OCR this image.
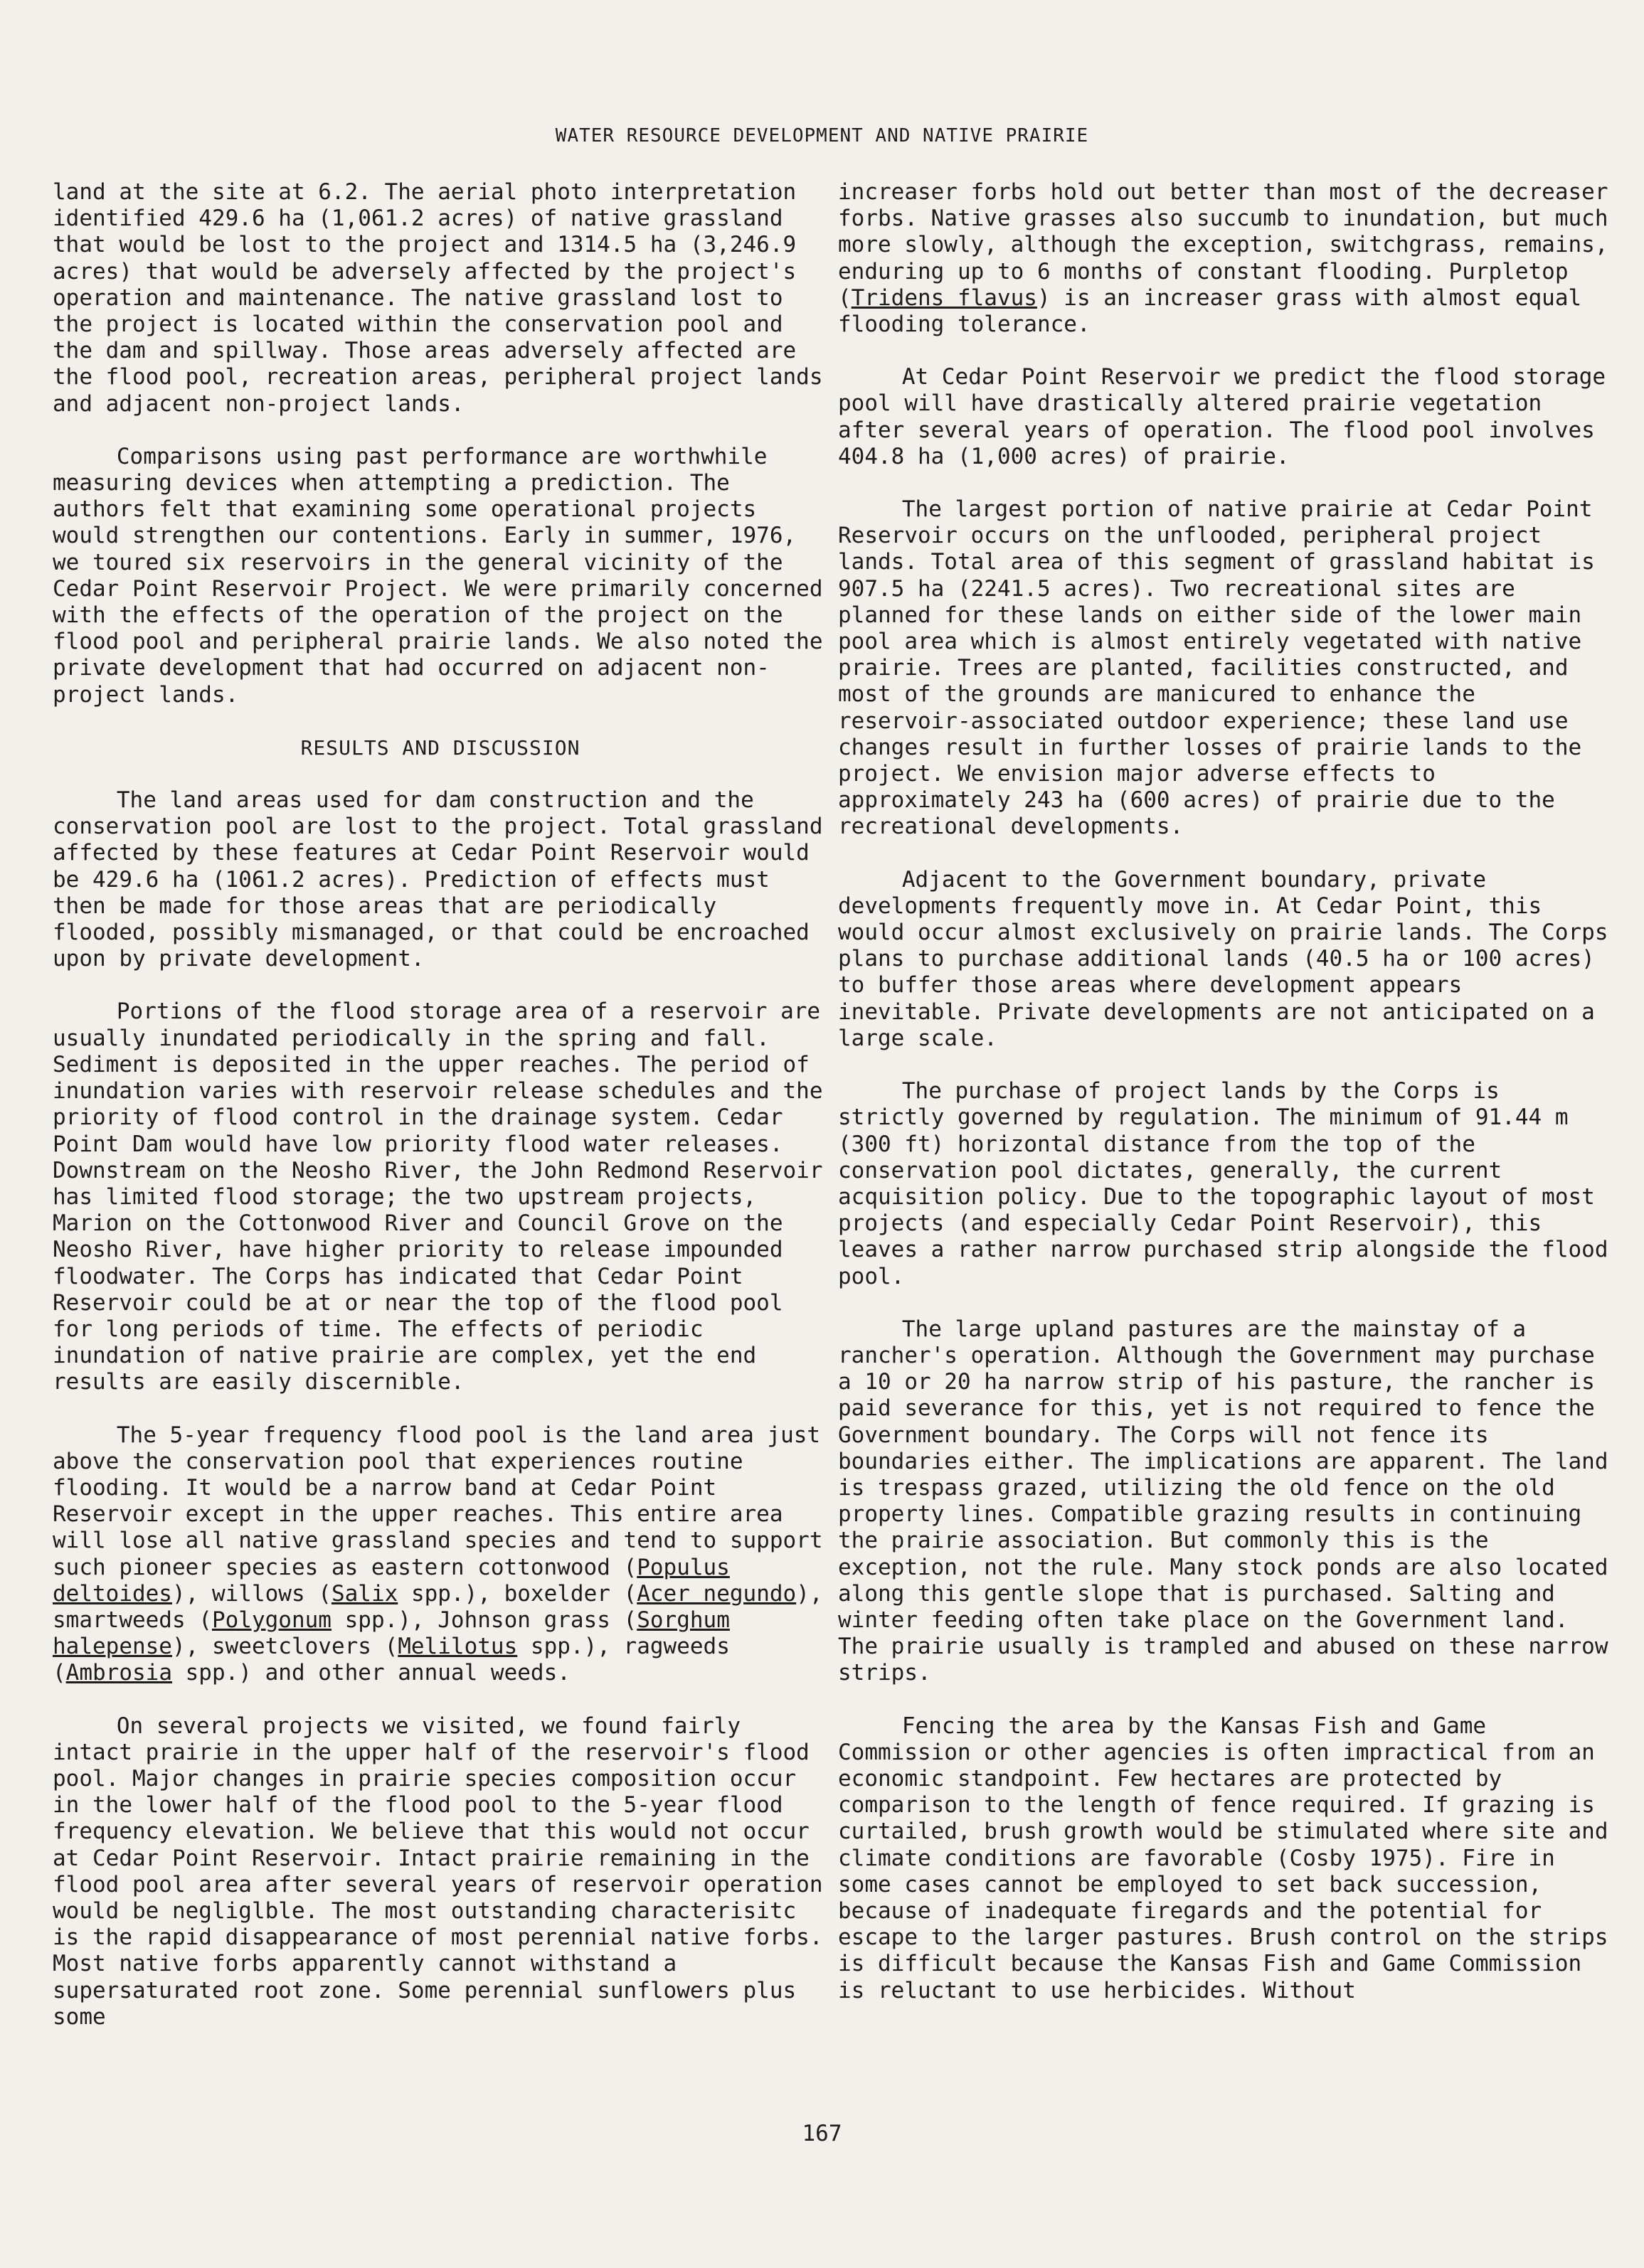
WATER RESOURCE DEVELOPMENT AND NATIVE PRAIRIE

land at the site at 6.2. The aerial photo interpretation identified 429.6 ha (1,061.2 acres) of native grassland that would be lost to the project and 1314.5 ha (3,246.9 acres) that would be adversely affected by the project's operation and maintenance. The native grassland lost to the project is located within the conservation pool and the dam and spillway. Those areas adversely affected are the flood pool, recreation areas, peripheral project lands and adjacent non-project lands.

Comparisons using past performance are worthwhile measuring devices when attempting a prediction. The authors felt that examining some operational projects would strengthen our contentions. Early in summer, 1976, we toured six reservoirs in the general vicinity of the Cedar Point Reservoir Project. We were primarily concerned with the effects of the operation of the project on the flood pool and peripheral prairie lands. We also noted the private development that had occurred on adjacent non-project lands.

RESULTS AND DISCUSSION

The land areas used for dam construction and the conservation pool are lost to the project. Total grassland affected by these features at Cedar Point Reservoir would be 429.6 ha (1061.2 acres). Prediction of effects must then be made for those areas that are periodically flooded, possibly mismanaged, or that could be encroached upon by private development.

Portions of the flood storage area of a reservoir are usually inundated periodically in the spring and fall. Sediment is deposited in the upper reaches. The period of inundation varies with reservoir release schedules and the priority of flood control in the drainage system. Cedar Point Dam would have low priority flood water releases. Downstream on the Neosho River, the John Redmond Reservoir has limited flood storage; the two upstream projects, Marion on the Cottonwood River and Council Grove on the Neosho River, have higher priority to release impounded floodwater. The Corps has indicated that Cedar Point Reservoir could be at or near the top of the flood pool for long periods of time. The effects of periodic inundation of native prairie are complex, yet the end results are easily discernible.

The 5-year frequency flood pool is the land area just above the conservation pool that experiences routine flooding. It would be a narrow band at Cedar Point Reservoir except in the upper reaches. This entire area will lose all native grassland species and tend to support such pioneer species as eastern cottonwood (Populus deltoides), willows (Salix spp.), boxelder (Acer negundo), smartweeds (Polygonum spp.), Johnson grass (Sorghum halepense), sweetclovers (Melilotus spp.), ragweeds (Ambrosia spp.) and other annual weeds.

On several projects we visited, we found fairly intact prairie in the upper half of the reservoir's flood pool. Major changes in prairie species composition occur in the lower half of the flood pool to the 5-year flood frequency elevation. We believe that this would not occur at Cedar Point Reservoir. Intact prairie remaining in the flood pool area after several years of reservoir operation would be negliglble. The most outstanding characterisitc is the rapid disappearance of most perennial native forbs. Most native forbs apparently cannot withstand a supersaturated root zone. Some perennial sunflowers plus some

increaser forbs hold out better than most of the decreaser forbs. Native grasses also succumb to inundation, but much more slowly, although the exception, switchgrass, remains, enduring up to 6 months of constant flooding. Purpletop (Tridens flavus) is an increaser grass with almost equal flooding tolerance.

At Cedar Point Reservoir we predict the flood storage pool will have drastically altered prairie vegetation after several years of operation. The flood pool involves 404.8 ha (1,000 acres) of prairie.

The largest portion of native prairie at Cedar Point Reservoir occurs on the unflooded, peripheral project lands. Total area of this segment of grassland habitat is 907.5 ha (2241.5 acres). Two recreational sites are planned for these lands on either side of the lower main pool area which is almost entirely vegetated with native prairie. Trees are planted, facilities constructed, and most of the grounds are manicured to enhance the reservoir-associated outdoor experience; these land use changes result in further losses of prairie lands to the project. We envision major adverse effects to approximately 243 ha (600 acres) of prairie due to the recreational developments.

Adjacent to the Government boundary, private developments frequently move in. At Cedar Point, this would occur almost exclusively on prairie lands. The Corps plans to purchase additional lands (40.5 ha or 100 acres) to buffer those areas where development appears inevitable. Private developments are not anticipated on a large scale.

The purchase of project lands by the Corps is strictly governed by regulation. The minimum of 91.44 m (300 ft) horizontal distance from the top of the conservation pool dictates, generally, the current acquisition policy. Due to the topographic layout of most projects (and especially Cedar Point Reservoir), this leaves a rather narrow purchased strip alongside the flood pool.

The large upland pastures are the mainstay of a rancher's operation. Although the Government may purchase a 10 or 20 ha narrow strip of his pasture, the rancher is paid severance for this, yet is not required to fence the Government boundary. The Corps will not fence its boundaries either. The implications are apparent. The land is trespass grazed, utilizing the old fence on the old property lines. Compatible grazing results in continuing the prairie association. But commonly this is the exception, not the rule. Many stock ponds are also located along this gentle slope that is purchased. Salting and winter feeding often take place on the Government land. The prairie usually is trampled and abused on these narrow strips.

Fencing the area by the Kansas Fish and Game Commission or other agencies is often impractical from an economic standpoint. Few hectares are protected by comparison to the length of fence required. If grazing is curtailed, brush growth would be stimulated where site and climate conditions are favorable (Cosby 1975). Fire in some cases cannot be employed to set back succession, because of inadequate firegards and the potential for escape to the larger pastures. Brush control on the strips is difficult because the Kansas Fish and Game Commission is reluctant to use herbicides. Without

167
